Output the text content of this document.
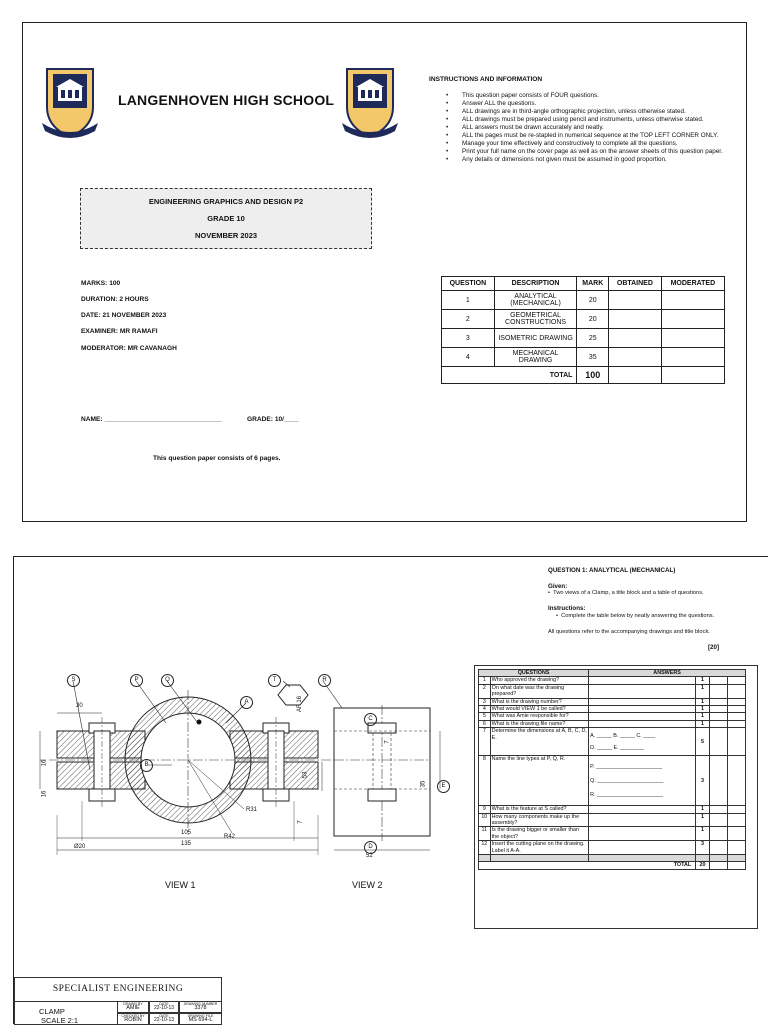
LANGENHOVEN HIGH SCHOOL
ENGINEERING GRAPHICS AND DESIGN P2
GRADE 10
NOVEMBER 2023
MARKS: 100
DURATION: 2 HOURS
DATE: 21 NOVEMBER 2023
EXAMINER: MR RAMAFI
MODERATOR: MR CAVANAGH
NAME: ________________________________	GRADE: 10/____
This question paper consists of 6 pages.
INSTRUCTIONS AND INFORMATION
• This question paper consists of FOUR questions.
• Answer ALL the questions.
• ALL drawings are in third-angle orthographic projection, unless otherwise stated.
• ALL drawings must be prepared using pencil and instruments, unless otherwise stated.
• ALL answers must be drawn accurately and neatly.
• ALL the pages must be re-stapled in numerical sequence at the TOP LEFT CORNER ONLY.
• Manage your time effectively and constructively to complete all the questions.
• Print your full name on the cover page as well as on the answer sheets of this question paper.
• Any details or dimensions not given must be assumed in good proportion.
QUESTION	DESCRIPTION	MARK	OBTAINED	MODERATED
1	ANALYTICAL (MECHANICAL)	20		
2	GEOMETRICAL CONSTRUCTIONS	20		
3	ISOMETRIC DRAWING	25		
4	MECHANICAL DRAWING	35		
TOTAL		100		
QUESTION 1: ANALYTICAL (MECHANICAL)
Given:
•  Two views of a Clamp, a title block and a table of questions.
Instructions:
•  Complete the table below by neatly answering the questions.
All questions refer to the accompanying drawings and title block.
[20]
QUESTIONS		ANSWERS			
1	Who approved the drawing?		1		
2	On what date was the drawing prepared?		1		
3	What is the drawing number?		1		
4	What would VIEW 1 be called?		1		
5	What was Amie responsible for?		1		
6	What is the drawing file name?		1		
7	Determine the dimensions at A, B, C, D, E.	A. _____ B. _____ C. ____
D. _____ E. ________	5		
8	Name the line types at P, Q, R.	P. ______________________
Q. ______________________
R. ______________________	3		
9	What is the feature at S called?		1		
10	How many components make up the assembly?		1		
11	Is the drawing bigger or smaller than the object?		1		
12	Insert the cutting plane on the drawing. Label it A-A.		3		

TOTAL			20		
S	P	Q
A
T	R
B
C
D
E
30
16
16
Ø20
105
135
R31
R42
53
35
7
7
52
AF 16
VIEW 1	VIEW 2
SPECIALIST ENGINEERING
CLAMP
SCALE 2:1
DRAWN BY
AMIE
DATE
22-10-13
DRAWING NUMBER
3378
CHECKED BY
ROBIN
DATE
22-10-13
DRAWING FILE
MS 694-L
